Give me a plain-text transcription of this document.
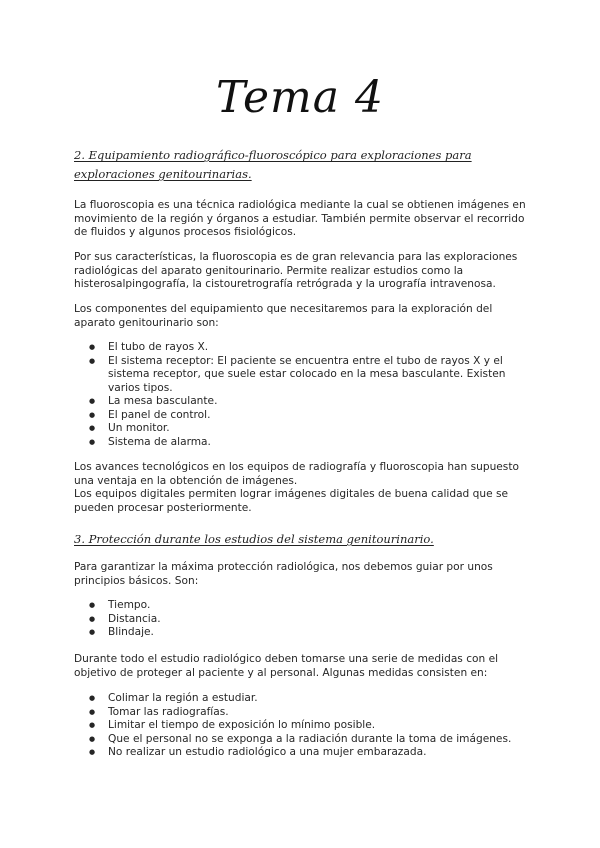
Tema 4
2. Equipamiento radiográfico-fluoroscópico para exploraciones para exploraciones genitourinarias.
La fluoroscopia es una técnica radiológica mediante la cual se obtienen imágenes en movimiento de la región y órganos a estudiar. También permite observar el recorrido de fluidos y algunos procesos fisiológicos.
Por sus características, la fluoroscopia es de gran relevancia para las exploraciones radiológicas del aparato genitourinario. Permite realizar estudios como la histerosalpingografía, la cistouretrografía retrógrada y la urografía intravenosa.
Los componentes del equipamiento que necesitaremos para la exploración del aparato genitourinario son:
● El tubo de rayos X.
● El sistema receptor: El paciente se encuentra entre el tubo de rayos X y el sistema receptor, que suele estar colocado en la mesa basculante. Existen varios tipos.
● La mesa basculante.
● El panel de control.
● Un monitor.
● Sistema de alarma.
Los avances tecnológicos en los equipos de radiografía y fluoroscopia han supuesto una ventaja en la obtención de imágenes.
Los equipos digitales permiten lograr imágenes digitales de buena calidad que se pueden procesar posteriormente.
3. Protección durante los estudios del sistema genitourinario.
Para garantizar la máxima protección radiológica, nos debemos guiar por unos principios básicos. Son:
● Tiempo.
● Distancia.
● Blindaje.
Durante todo el estudio radiológico deben tomarse una serie de medidas con el objetivo de proteger al paciente y al personal. Algunas medidas consisten en:
● Colimar la región a estudiar.
● Tomar las radiografías.
● Limitar el tiempo de exposición lo mínimo posible.
● Que el personal no se exponga a la radiación durante la toma de imágenes.
● No realizar un estudio radiológico a una mujer embarazada.
